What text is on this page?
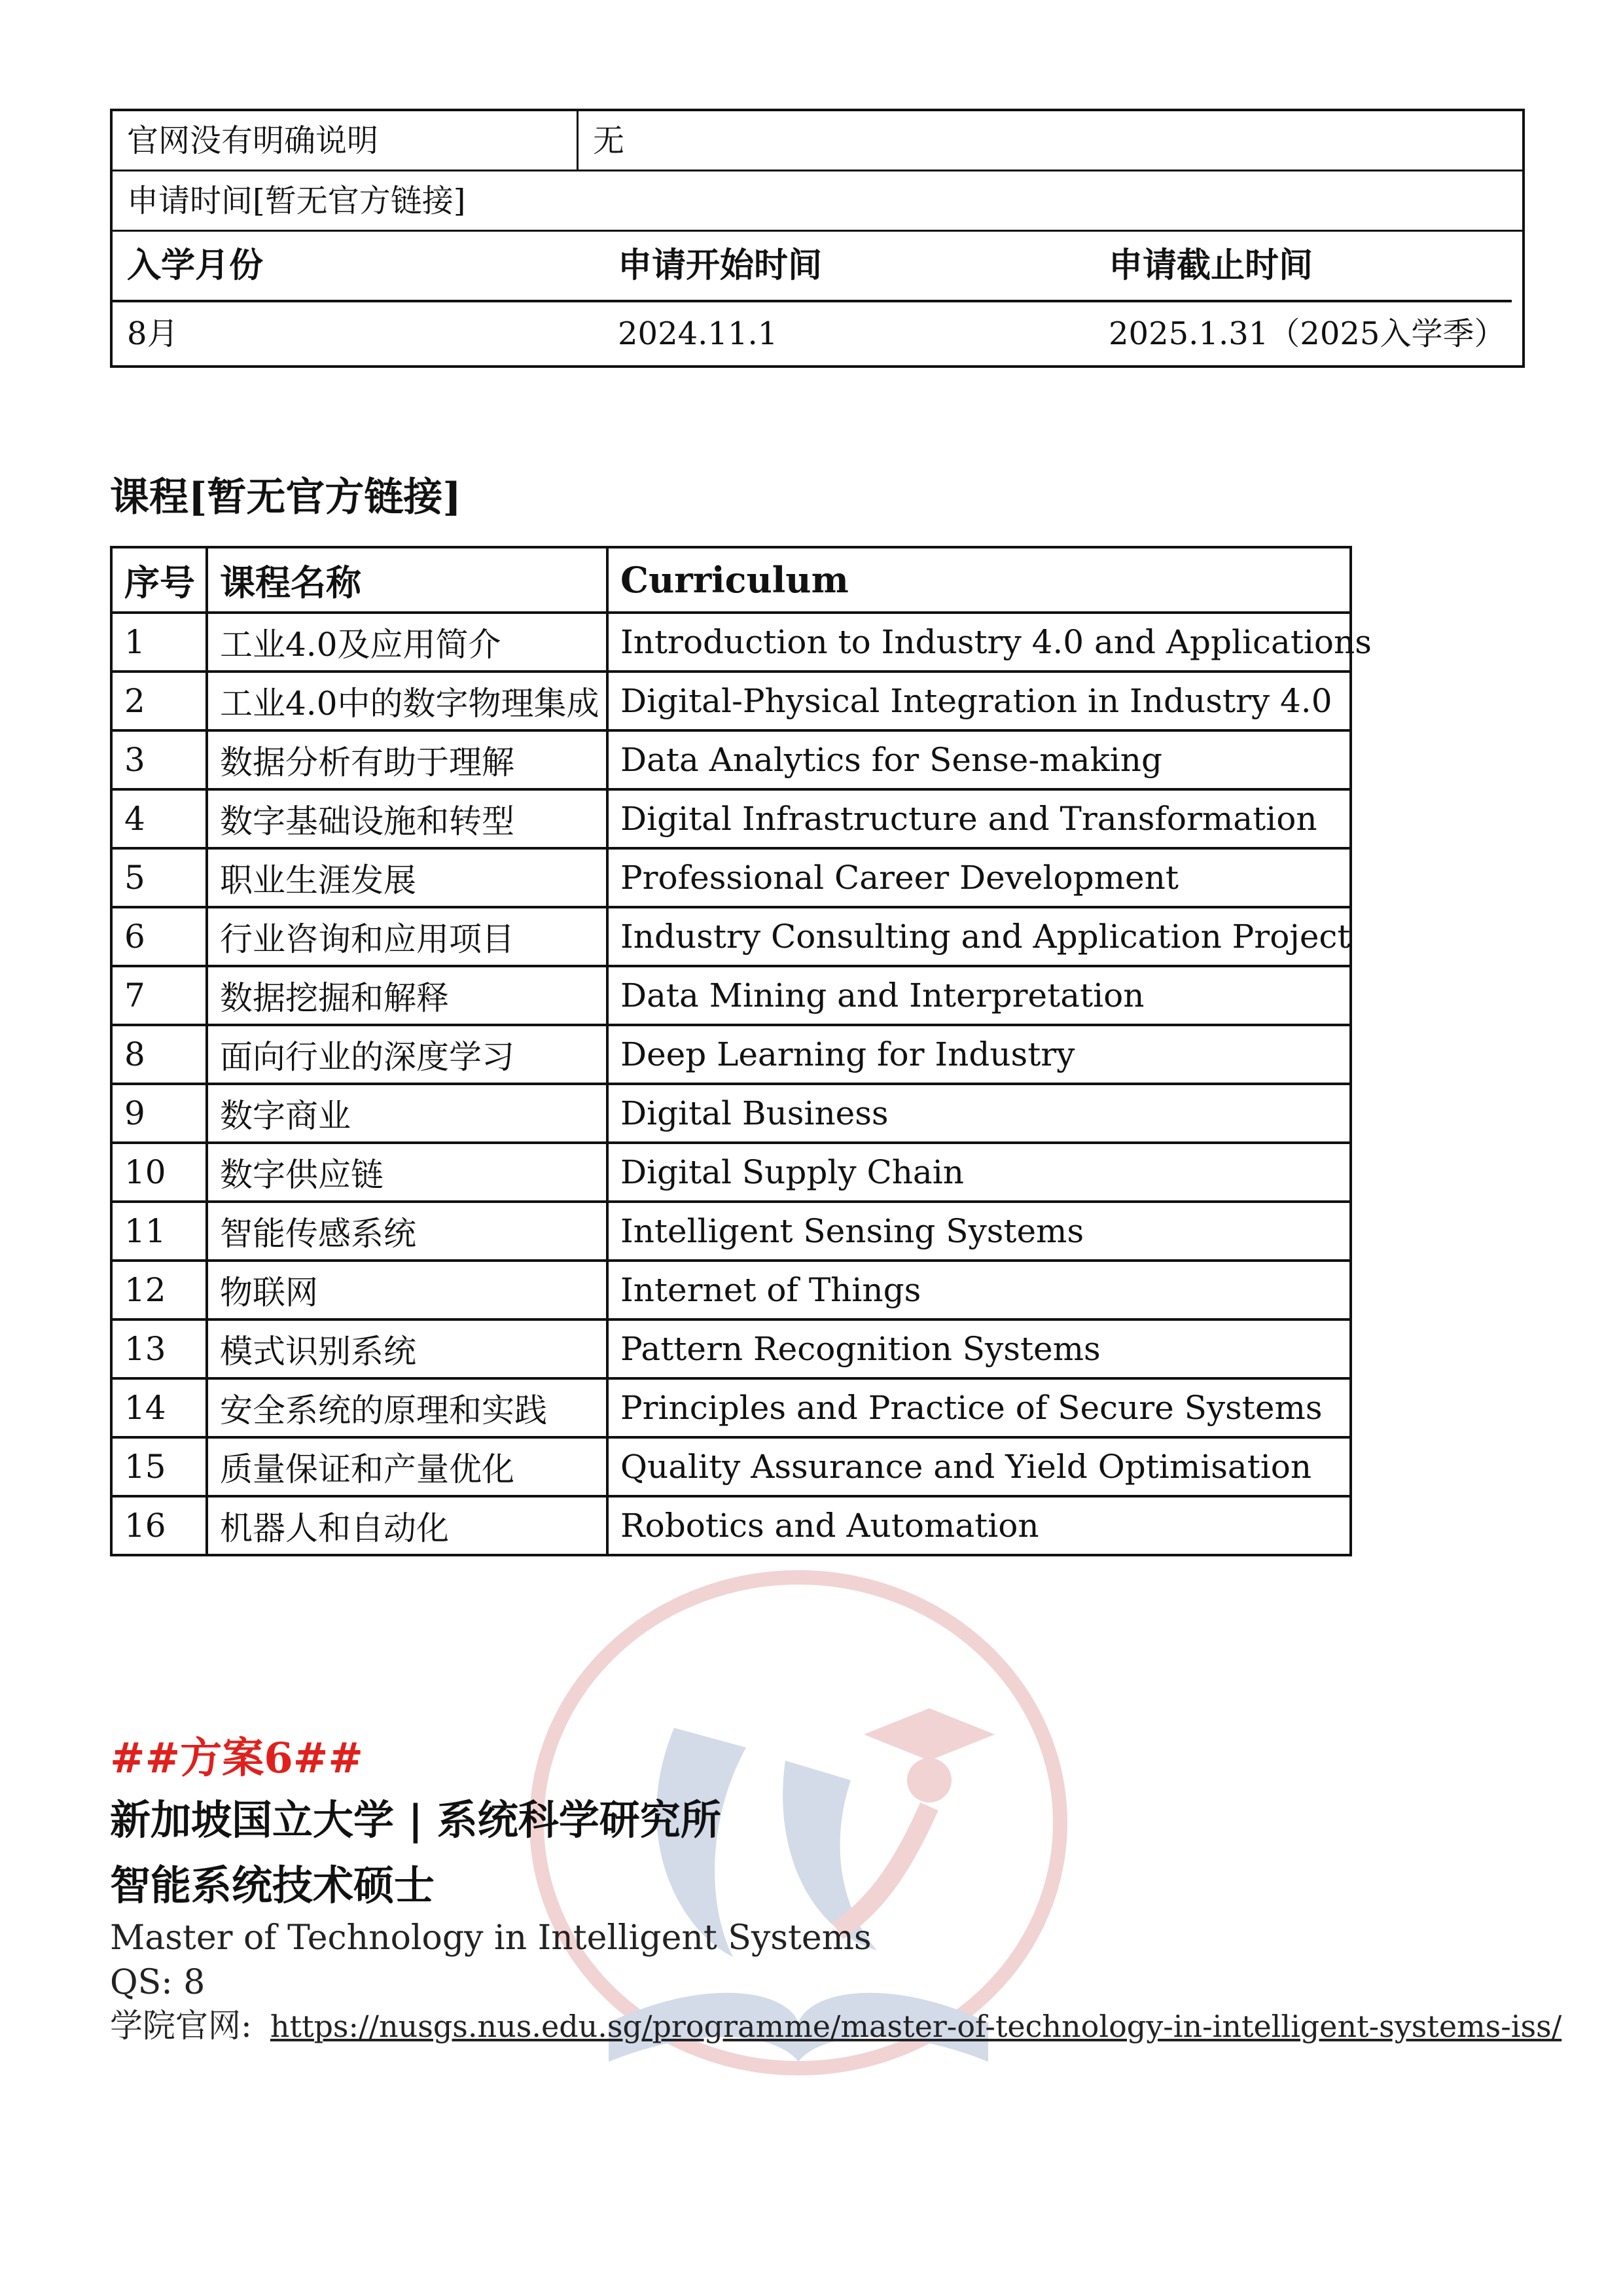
官网没有明确说明	无
申请时间[暂无官方链接]
入学月份	申请开始时间	申请截止时间
8月	2024.11.1	2025.1.31（2025入学季）
课程[暂无官方链接]
序号	课程名称	Curriculum
1	工业4.0及应用简介	Introduction to Industry 4.0 and Applications
2	工业4.0中的数字物理集成	Digital-Physical Integration in Industry 4.0
3	数据分析有助于理解	Data Analytics for Sense-making
4	数字基础设施和转型	Digital Infrastructure and Transformation
5	职业生涯发展	Professional Career Development
6	行业咨询和应用项目	Industry Consulting and Application Project
7	数据挖掘和解释	Data Mining and Interpretation
8	面向行业的深度学习	Deep Learning for Industry
9	数字商业	Digital Business
10	数字供应链	Digital Supply Chain
11	智能传感系统	Intelligent Sensing Systems
12	物联网	Internet of Things
13	模式识别系统	Pattern Recognition Systems
14	安全系统的原理和实践	Principles and Practice of Secure Systems
15	质量保证和产量优化	Quality Assurance and Yield Optimisation
16	机器人和自动化	Robotics and Automation
##方案6##
新加坡国立大学 | 系统科学研究所
智能系统技术硕士
Master of Technology in Intelligent Systems
QS: 8
学院官网: https://nusgs.nus.edu.sg/programme/master-of-technology-in-intelligent-systems-iss/
